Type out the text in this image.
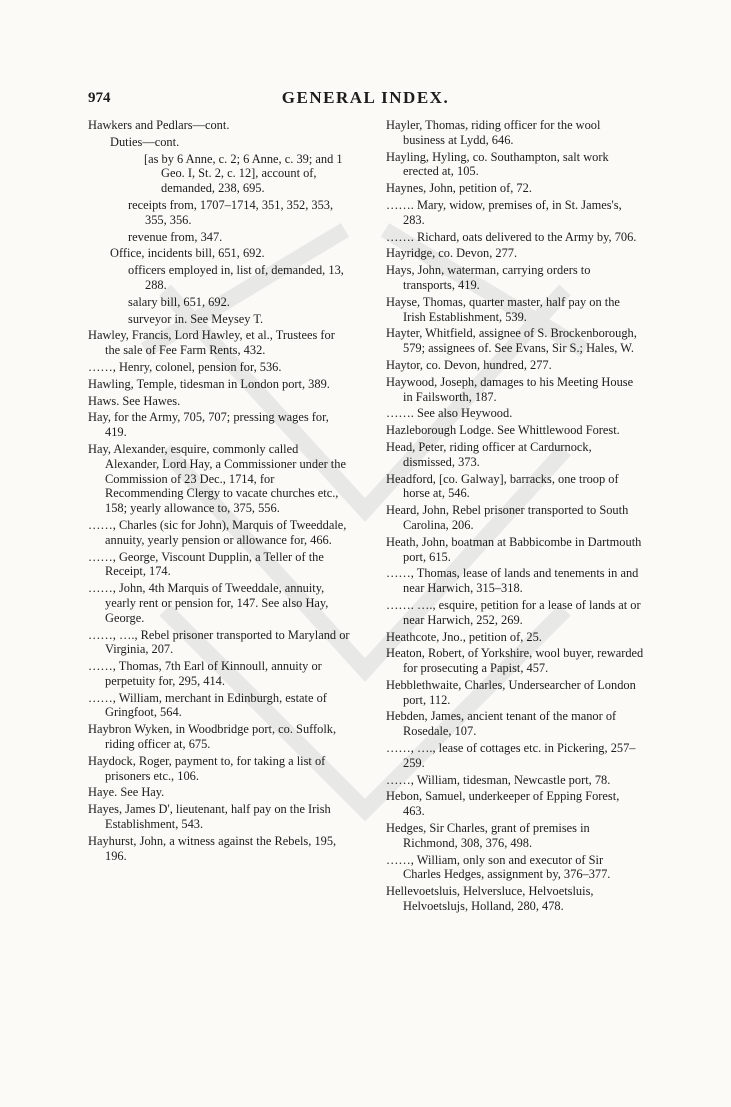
974	GENERAL INDEX.
Hawkers and Pedlars—cont.
Duties—cont.
[as by 6 Anne, c. 2; 6 Anne, c. 39; and 1 Geo. I, St. 2, c. 12], account of, demanded, 238, 695.
receipts from, 1707–1714, 351, 352, 353, 355, 356.
revenue from, 347.
Office, incidents bill, 651, 692.
officers employed in, list of, demanded, 13, 288.
salary bill, 651, 692.
surveyor in. See Meysey T.
Hawley, Francis, Lord Hawley, et al., Trustees for the sale of Fee Farm Rents, 432.
……, Henry, colonel, pension for, 536.
Hawling, Temple, tidesman in London port, 389.
Haws. See Hawes.
Hay, for the Army, 705, 707; pressing wages for, 419.
Hay, Alexander, esquire, commonly called Alexander, Lord Hay, a Commissioner under the Commission of 23 Dec., 1714, for Recommending Clergy to vacate churches etc., 158; yearly allowance to, 375, 556.
……, Charles (sic for John), Marquis of Tweeddale, annuity, yearly pension or allowance for, 466.
……, George, Viscount Dupplin, a Teller of the Receipt, 174.
……, John, 4th Marquis of Tweeddale, annuity, yearly rent or pension for, 147. See also Hay, George.
……, …., Rebel prisoner transported to Maryland or Virginia, 207.
……, Thomas, 7th Earl of Kinnoull, annuity or perpetuity for, 295, 414.
……, William, merchant in Edinburgh, estate of Gringfoot, 564.
Haybron Wyken, in Woodbridge port, co. Suffolk, riding officer at, 675.
Haydock, Roger, payment to, for taking a list of prisoners etc., 106.
Haye. See Hay.
Hayes, James D', lieutenant, half pay on the Irish Establishment, 543.
Hayhurst, John, a witness against the Rebels, 195, 196.
Hayler, Thomas, riding officer for the wool business at Lydd, 646.
Hayling, Hyling, co. Southampton, salt work erected at, 105.
Haynes, John, petition of, 72.
……. Mary, widow, premises of, in St. James's, 283.
……. Richard, oats delivered to the Army by, 706.
Hayridge, co. Devon, 277.
Hays, John, waterman, carrying orders to transports, 419.
Hayse, Thomas, quarter master, half pay on the Irish Establishment, 539.
Hayter, Whitfield, assignee of S. Brockenborough, 579; assignees of. See Evans, Sir S.; Hales, W.
Haytor, co. Devon, hundred, 277.
Haywood, Joseph, damages to his Meeting House in Failsworth, 187.
……. See also Heywood.
Hazleborough Lodge. See Whittlewood Forest.
Head, Peter, riding officer at Cardurnock, dismissed, 373.
Headford, [co. Galway], barracks, one troop of horse at, 546.
Heard, John, Rebel prisoner transported to South Carolina, 206.
Heath, John, boatman at Babbicombe in Dartmouth port, 615.
……, Thomas, lease of lands and tenements in and near Harwich, 315–318.
……. …., esquire, petition for a lease of lands at or near Harwich, 252, 269.
Heathcote, Jno., petition of, 25.
Heaton, Robert, of Yorkshire, wool buyer, rewarded for prosecuting a Papist, 457.
Hebblethwaite, Charles, Undersearcher of London port, 112.
Hebden, James, ancient tenant of the manor of Rosedale, 107.
……, …., lease of cottages etc. in Pickering, 257–259.
……, William, tidesman, Newcastle port, 78.
Hebon, Samuel, underkeeper of Epping Forest, 463.
Hedges, Sir Charles, grant of premises in Richmond, 308, 376, 498.
……, William, only son and executor of Sir Charles Hedges, assignment by, 376–377.
Hellevoetsluis, Helversluce, Helvoetsluis, Helvoetslujs, Holland, 280, 478.
